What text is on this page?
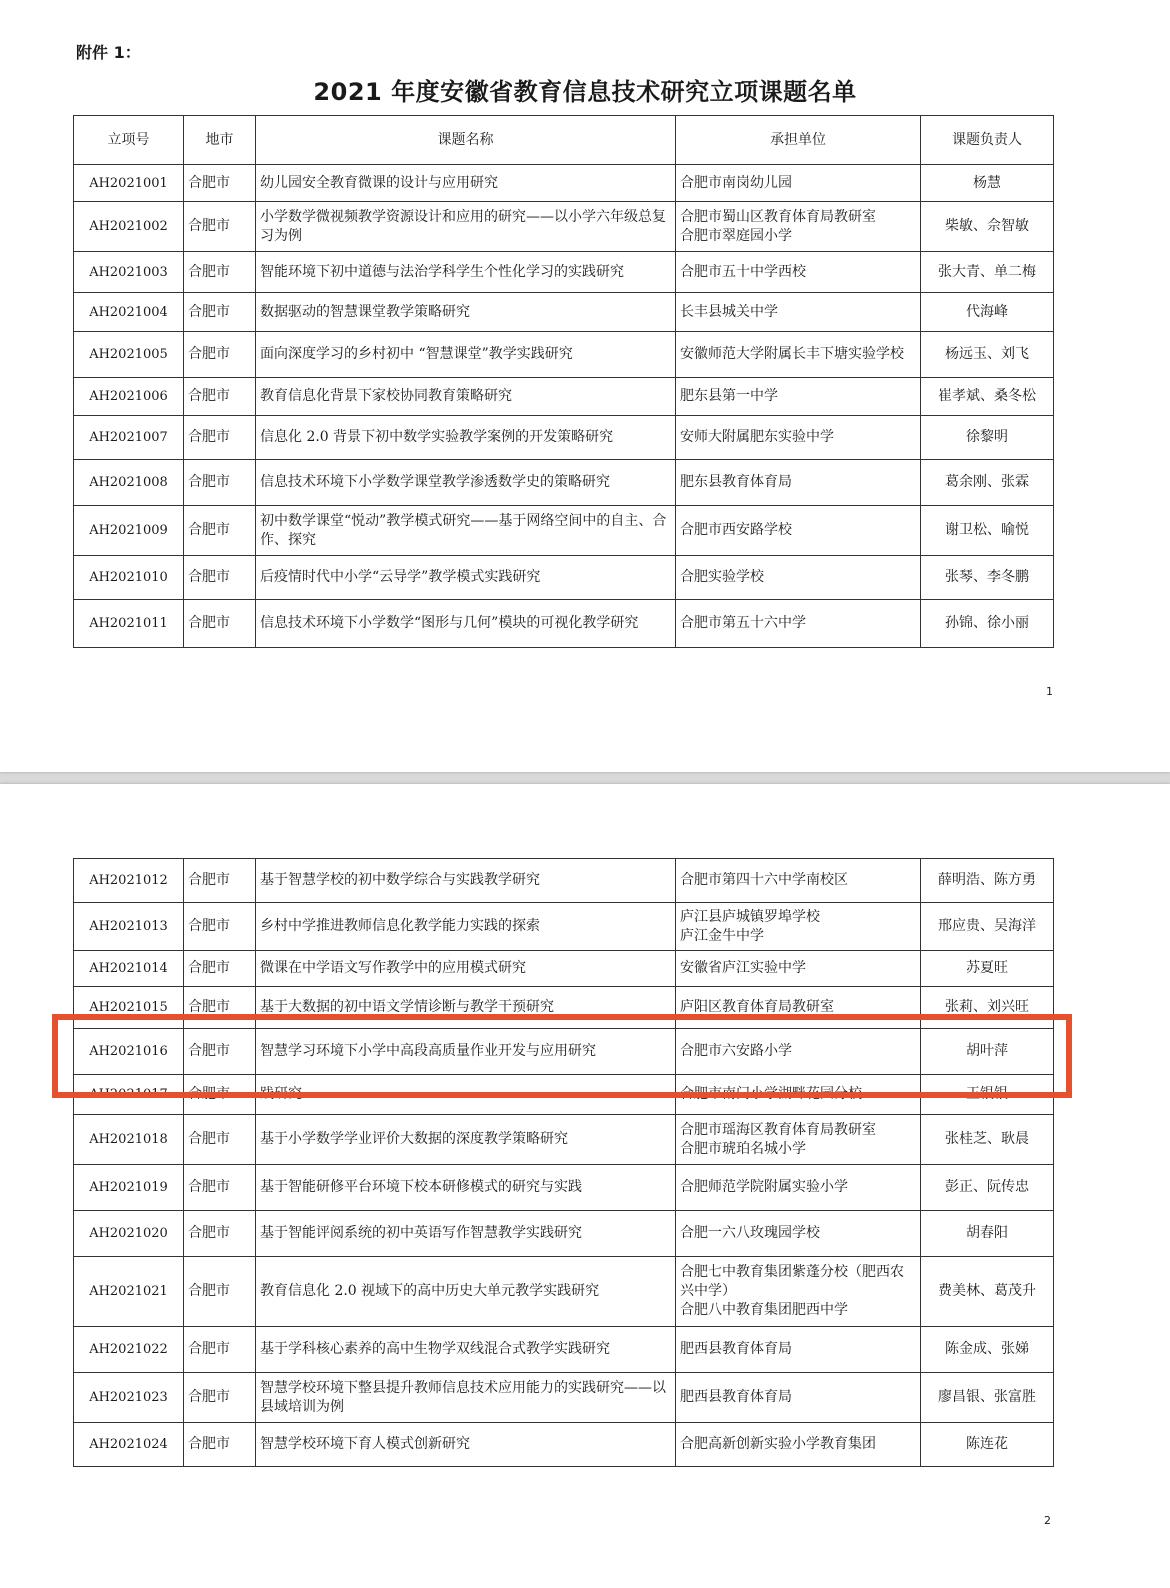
附件 1：
2021 年度安徽省教育信息技术研究立项课题名单
立项号	地市	课题名称	承担单位	课题负责人
AH2021001	合肥市	幼儿园安全教育微课的设计与应用研究	合肥市南岗幼儿园	杨慧
AH2021002	合肥市	小学数学微视频教学资源设计和应用的研究——以小学六年级总复习为例	合肥市蜀山区教育体育局教研室
合肥市翠庭园小学	柴敏、佘智敏
AH2021003	合肥市	智能环境下初中道德与法治学科学生个性化学习的实践研究	合肥市五十中学西校	张大青、单二梅
AH2021004	合肥市	数据驱动的智慧课堂教学策略研究	长丰县城关中学	代海峰
AH2021005	合肥市	面向深度学习的乡村初中 “智慧课堂”教学实践研究	安徽师范大学附属长丰下塘实验学校	杨远玉、刘飞
AH2021006	合肥市	教育信息化背景下家校协同教育策略研究	肥东县第一中学	崔孝斌、桑冬松
AH2021007	合肥市	信息化 2.0 背景下初中数学实验教学案例的开发策略研究	安师大附属肥东实验中学	徐黎明
AH2021008	合肥市	信息技术环境下小学数学课堂教学渗透数学史的策略研究	肥东县教育体育局	葛余刚、张霖
AH2021009	合肥市	初中数学课堂“悦动”教学模式研究——基于网络空间中的自主、合作、探究	合肥市西安路学校	谢卫松、喻悦
AH2021010	合肥市	后疫情时代中小学“云导学”教学模式实践研究	合肥实验学校	张琴、李冬鹏
AH2021011	合肥市	信息技术环境下小学数学“图形与几何”模块的可视化教学研究	合肥市第五十六中学	孙锦、徐小丽
1
2
AH2021012	合肥市	基于智慧学校的初中数学综合与实践教学研究	合肥市第四十六中学南校区	薛明浩、陈方勇
AH2021013	合肥市	乡村中学推进教师信息化教学能力实践的探索	庐江县庐城镇罗埠学校
庐江金牛中学	邢应贵、吴海洋
AH2021014	合肥市	微课在中学语文写作教学中的应用模式研究	安徽省庐江实验中学	苏夏旺
AH2021015	合肥市	基于大数据的初中语文学情诊断与教学干预研究	庐阳区教育体育局教研室	张莉、刘兴旺
AH2021016	合肥市	智慧学习环境下小学中高段高质量作业开发与应用研究	合肥市六安路小学	胡叶萍
AH2021017	合肥市	践研究	合肥市南门小学湖畔花园分校	王银银
AH2021018	合肥市	基于小学数学学业评价大数据的深度教学策略研究	合肥市瑶海区教育体育局教研室
合肥市琥珀名城小学	张桂芝、耿晨
AH2021019	合肥市	基于智能研修平台环境下校本研修模式的研究与实践	合肥师范学院附属实验小学	彭正、阮传忠
AH2021020	合肥市	基于智能评阅系统的初中英语写作智慧教学实践研究	合肥一六八玫瑰园学校	胡春阳
AH2021021	合肥市	教育信息化 2.0 视域下的高中历史大单元教学实践研究	合肥七中教育集团紫蓬分校（肥西农兴中学）
合肥八中教育集团肥西中学	费美林、葛茂升
AH2021022	合肥市	基于学科核心素养的高中生物学双线混合式教学实践研究	肥西县教育体育局	陈金成、张娣
AH2021023	合肥市	智慧学校环境下整县提升教师信息技术应用能力的实践研究——以县域培训为例	肥西县教育体育局	廖昌银、张富胜
AH2021024	合肥市	智慧学校环境下育人模式创新研究	合肥高新创新实验小学教育集团	陈连花
